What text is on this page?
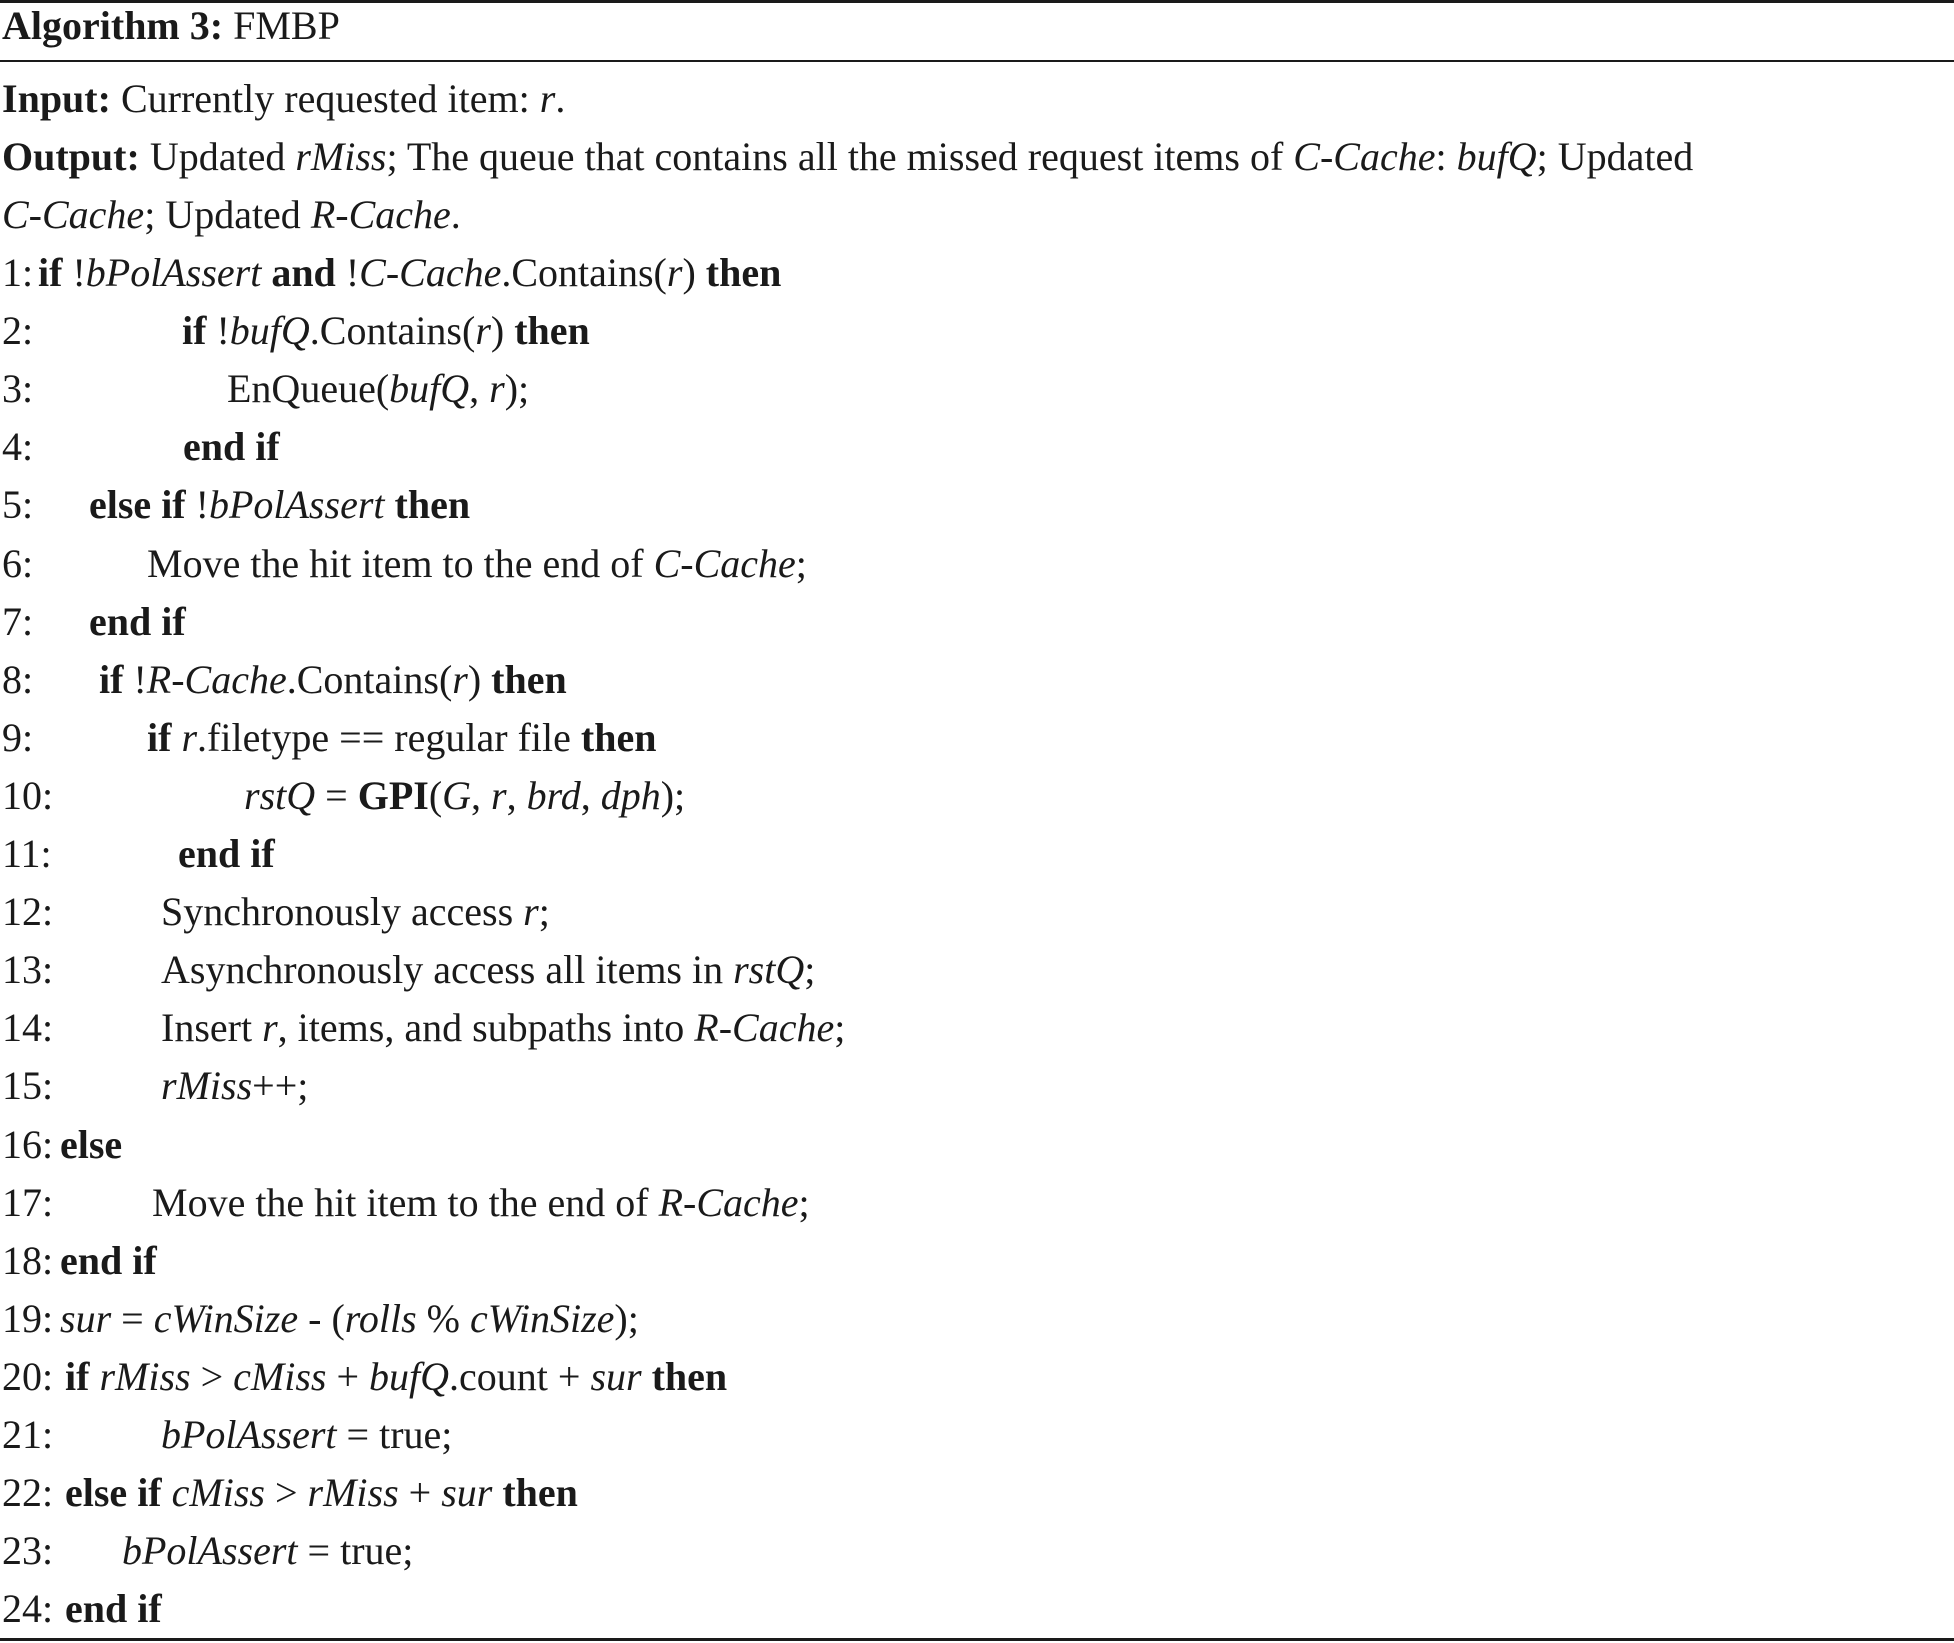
Algorithm 3: FMBP
Input: Currently requested item: r.
Output: Updated rMiss; The queue that contains all the missed request items of C-Cache: bufQ; Updated
C-Cache; Updated R-Cache.
1: if !bPolAssert and !C-Cache.Contains(r) then
2:	if !bufQ.Contains(r) then
3:	EnQueue(bufQ, r);
4:	end if
5: else if !bPolAssert then
6:	Move the hit item to the end of C-Cache;
7: end if
8: if !R-Cache.Contains(r) then
9:	if r.filetype == regular file then
10:	rstQ = GPI(G, r, brd, dph);
11:	end if
12:	Synchronously access r;
13:	Asynchronously access all items in rstQ;
14:	Insert r, items, and subpaths into R-Cache;
15:	rMiss++;
16: else
17: Move the hit item to the end of R-Cache;
18: end if
19: sur = cWinSize - (rolls % cWinSize);
20: if rMiss > cMiss + bufQ.count + sur then
21:	bPolAssert = true;
22: else if cMiss > rMiss + sur then
23: bPolAssert = true;
24: end if
